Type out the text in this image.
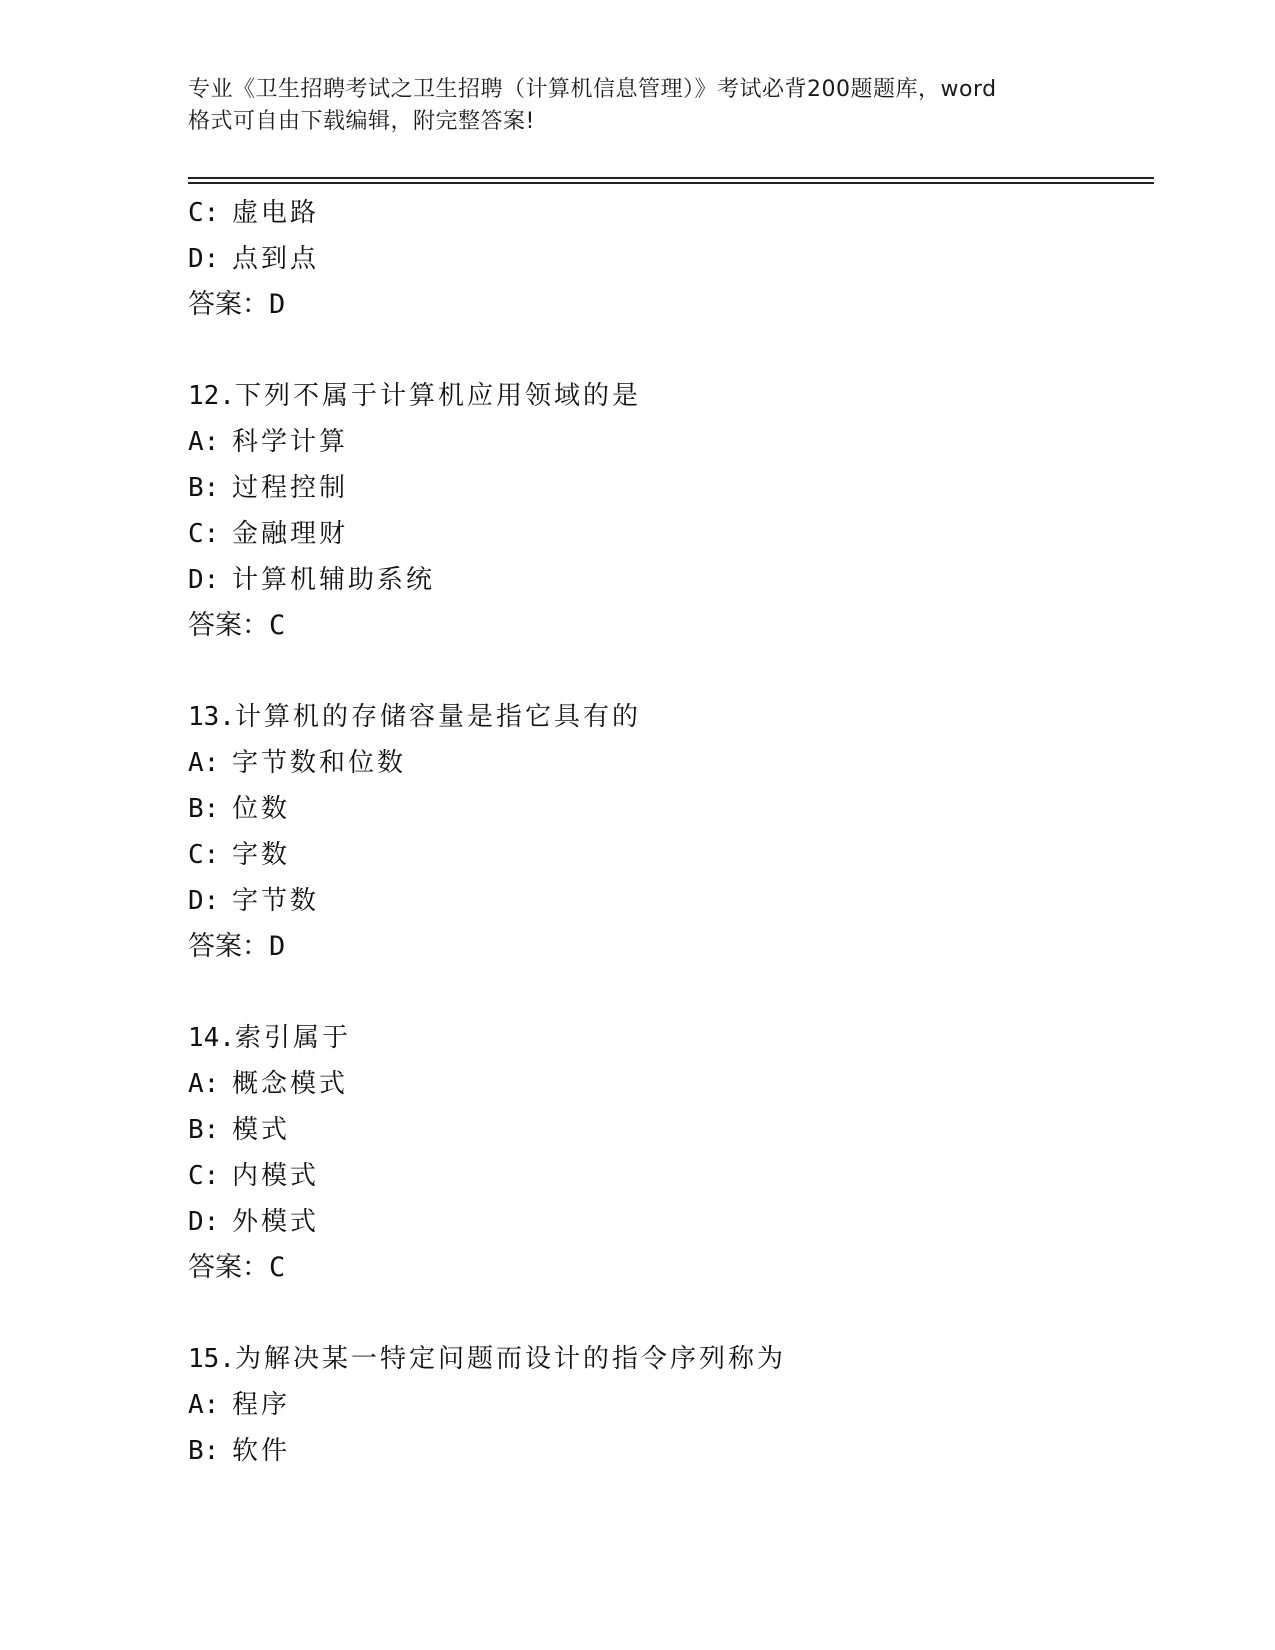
专业《卫生招聘考试之卫生招聘（计算机信息管理）》考试必背200题题库，word
格式可自由下载编辑，附完整答案!
C: 虚电路
D: 点到点
答案：D
12.下列不属于计算机应用领域的是
A: 科学计算
B: 过程控制
C: 金融理财
D: 计算机辅助系统
答案：C
13.计算机的存储容量是指它具有的
A: 字节数和位数
B: 位数
C: 字数
D: 字节数
答案：D
14.索引属于
A: 概念模式
B: 模式
C: 内模式
D: 外模式
答案：C
15.为解决某一特定问题而设计的指令序列称为
A: 程序
B: 软件
